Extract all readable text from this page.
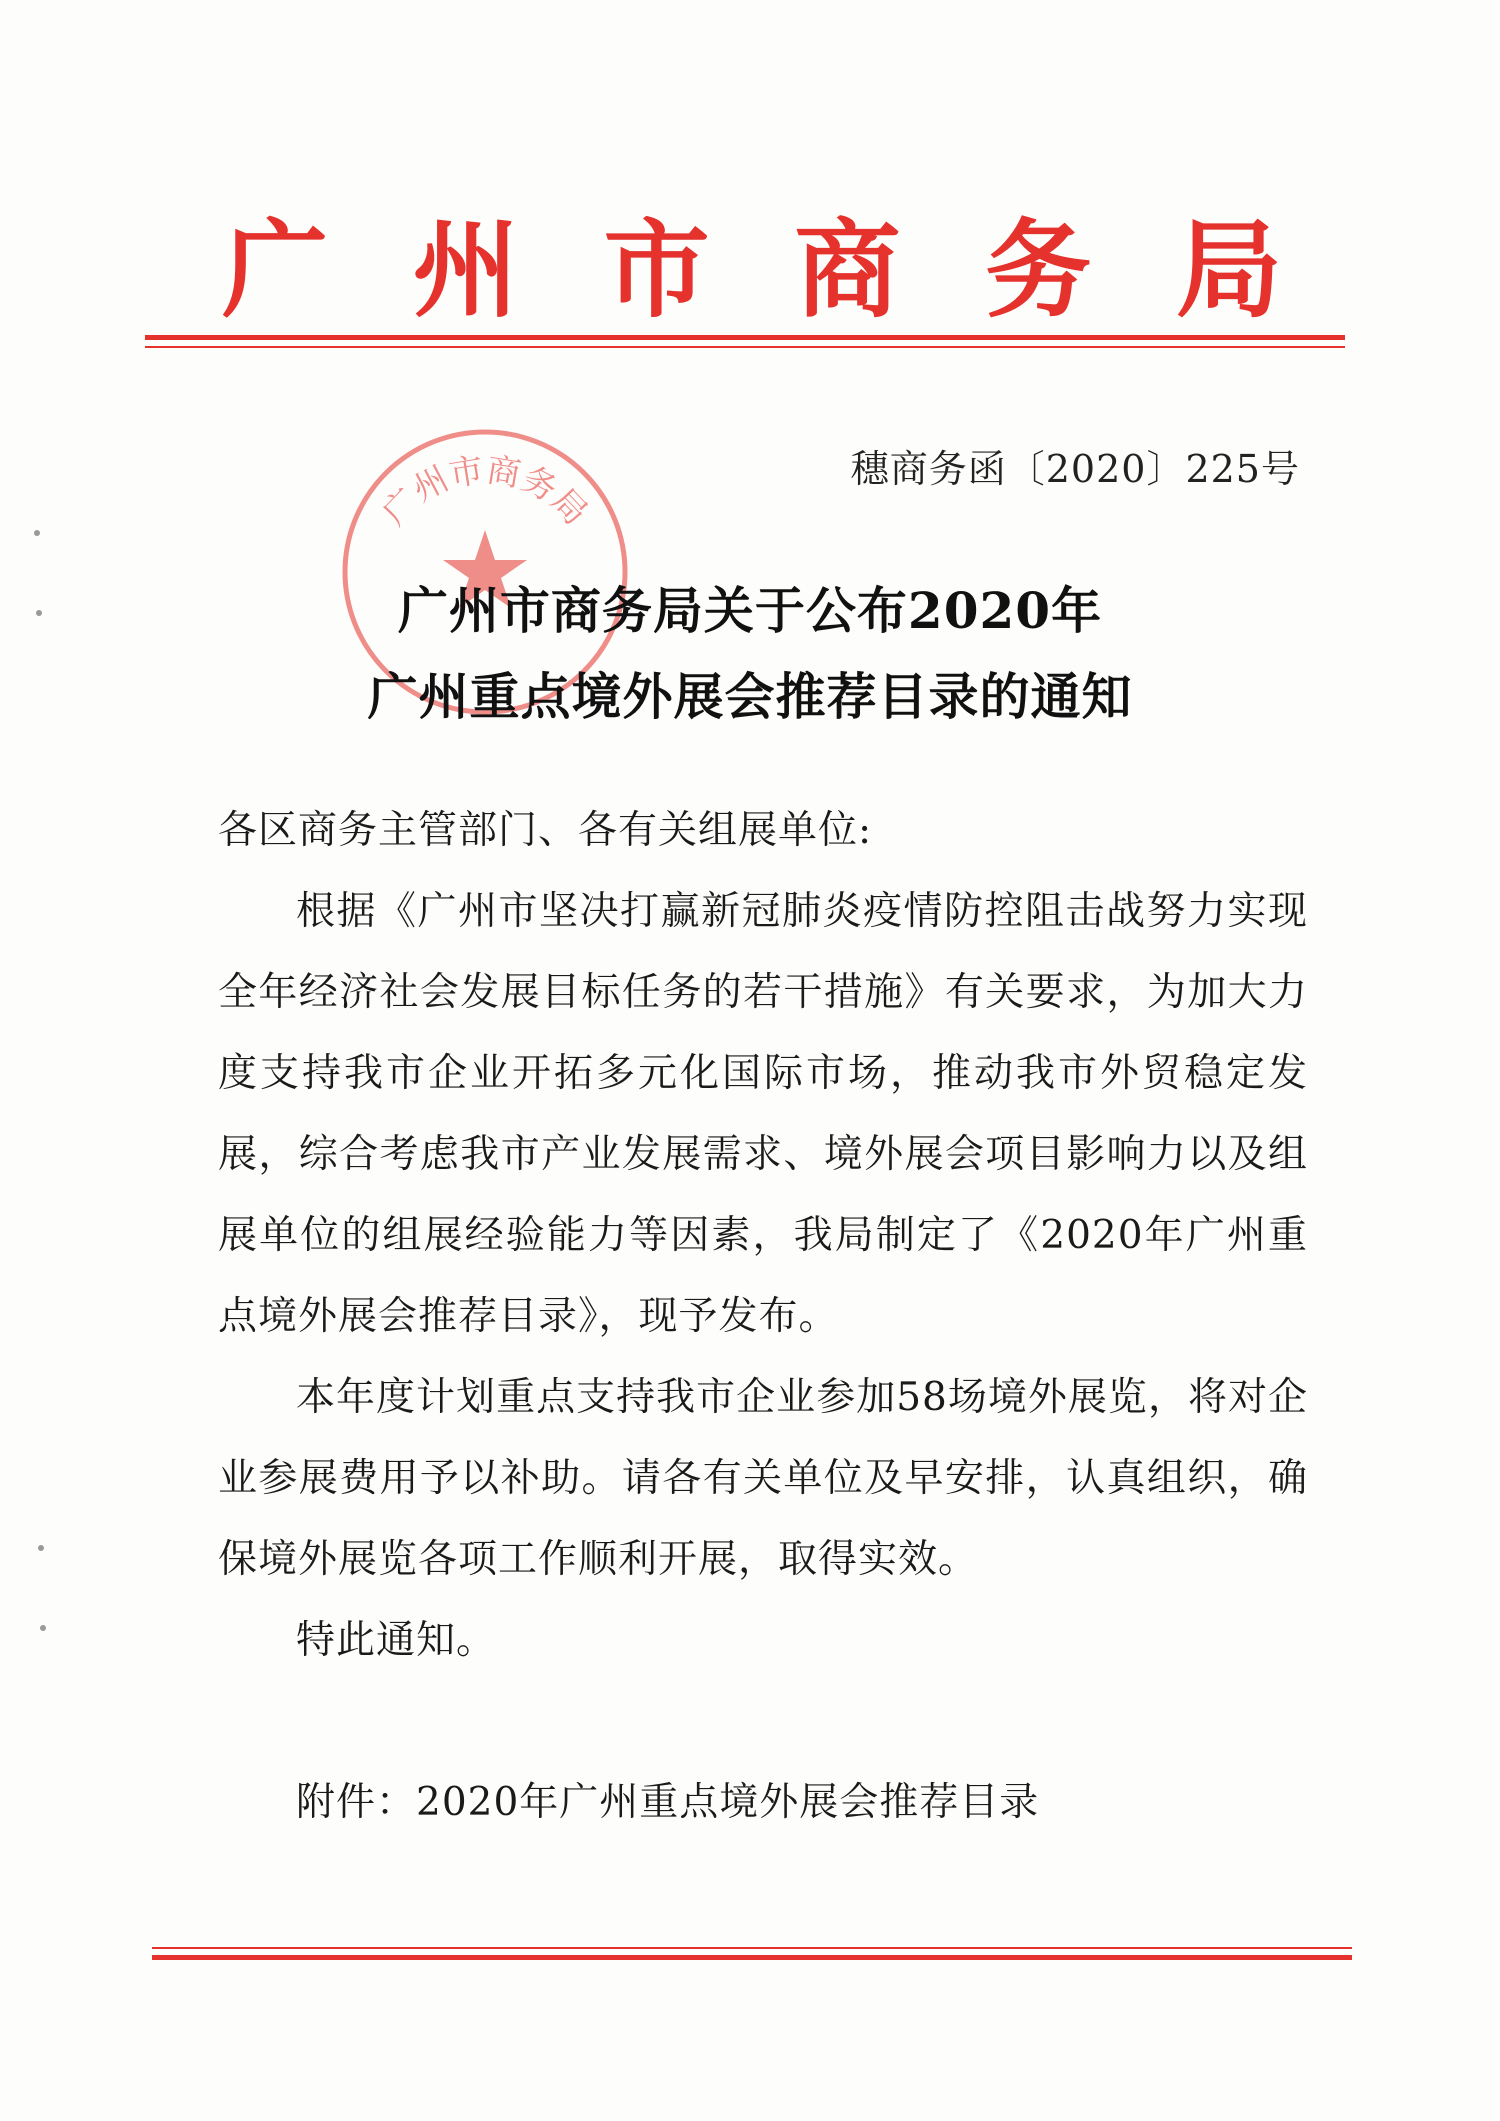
广 州 市 商 务 局
穗商务函〔2020〕225号
广州市商务局
广州市商务局关于公布2020年
广州重点境外展会推荐目录的通知

各区商务主管部门、各有关组展单位:

根据《广州市坚决打赢新冠肺炎疫情防控阻击战努力实现全年经济社会发展目标任务的若干措施》有关要求，为加大力度支持我市企业开拓多元化国际市场，推动我市外贸稳定发展，综合考虑我市产业发展需求、境外展会项目影响力以及组展单位的组展经验能力等因素，我局制定了《2020年广州重点境外展会推荐目录》，现予发布。

本年度计划重点支持我市企业参加58场境外展览，将对企业参展费用予以补助。请各有关单位及早安排，认真组织，确保境外展览各项工作顺利开展，取得实效。

特此通知。

附件：2020年广州重点境外展会推荐目录
